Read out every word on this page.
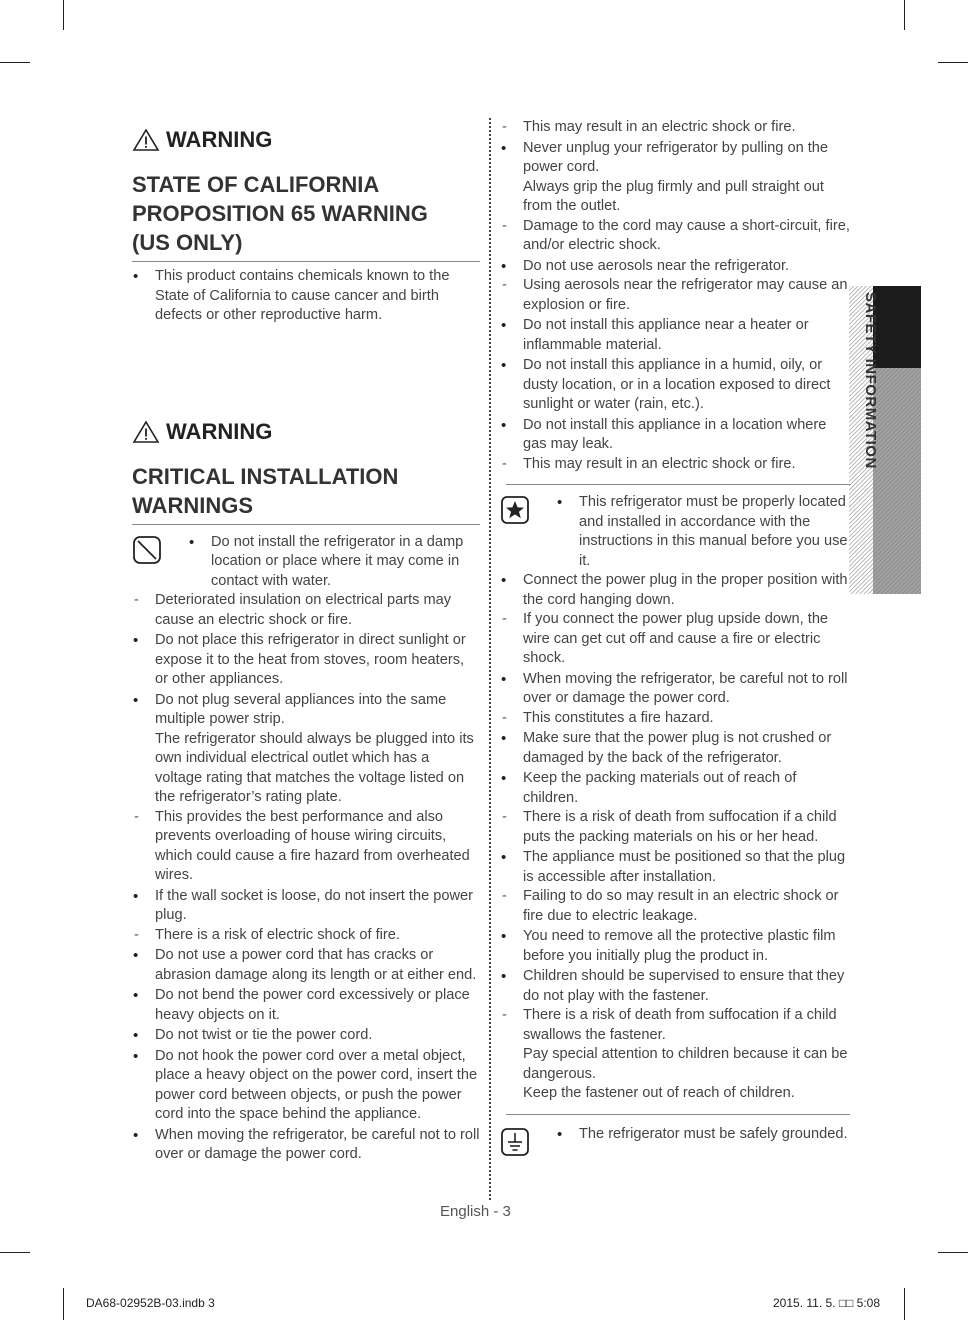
SAFETY INFORMATION
WARNING
STATE OF CALIFORNIA
PROPOSITION 65 WARNING
(US ONLY)
• This product contains chemicals known to the State of California to cause cancer and birth defects or other reproductive harm.
WARNING
CRITICAL INSTALLATION
WARNINGS
• Do not install the refrigerator in a damp location or place where it may come in contact with water.
- Deteriorated insulation on electrical parts may cause an electric shock or fire.
• Do not place this refrigerator in direct sunlight or expose it to the heat from stoves, room heaters, or other appliances.
• Do not plug several appliances into the same multiple power strip.
The refrigerator should always be plugged into its own individual electrical outlet which has a voltage rating that matches the voltage listed on the refrigerator’s rating plate.
- This provides the best performance and also prevents overloading of house wiring circuits, which could cause a fire hazard from overheated wires.
• If the wall socket is loose, do not insert the power plug.
- There is a risk of electric shock of fire.
• Do not use a power cord that has cracks or abrasion damage along its length or at either end.
• Do not bend the power cord excessively or place heavy objects on it.
• Do not twist or tie the power cord.
• Do not hook the power cord over a metal object, place a heavy object on the power cord, insert the power cord between objects, or push the power cord into the space behind the appliance.
• When moving the refrigerator, be careful not to roll over or damage the power cord.
- This may result in an electric shock or fire.
• Never unplug your refrigerator by pulling on the power cord.
Always grip the plug firmly and pull straight out from the outlet.
- Damage to the cord may cause a short-circuit, fire, and/or electric shock.
• Do not use aerosols near the refrigerator.
- Using aerosols near the refrigerator may cause an explosion or fire.
• Do not install this appliance near a heater or inflammable material.
• Do not install this appliance in a humid, oily, or dusty location, or in a location exposed to direct sunlight or water (rain, etc.).
• Do not install this appliance in a location where gas may leak.
- This may result in an electric shock or fire.
• This refrigerator must be properly located and installed in accordance with the instructions in this manual before you use it.
• Connect the power plug in the proper position with the cord hanging down.
- If you connect the power plug upside down, the wire can get cut off and cause a fire or electric shock.
• When moving the refrigerator, be careful not to roll over or damage the power cord.
- This constitutes a fire hazard.
• Make sure that the power plug is not crushed or damaged by the back of the refrigerator.
• Keep the packing materials out of reach of children.
- There is a risk of death from suffocation if a child puts the packing materials on his or her head.
• The appliance must be positioned so that the plug is accessible after installation.
- Failing to do so may result in an electric shock or fire due to electric leakage.
• You need to remove all the protective plastic film before you initially plug the product in.
• Children should be supervised to ensure that they do not play with the fastener.
- There is a risk of death from suffocation if a child swallows the fastener.
Pay special attention to children because it can be dangerous.
Keep the fastener out of reach of children.
• The refrigerator must be safely grounded.
English - 3
DA68-02952B-03.indb 3	2015. 11. 5. □□ 5:08
